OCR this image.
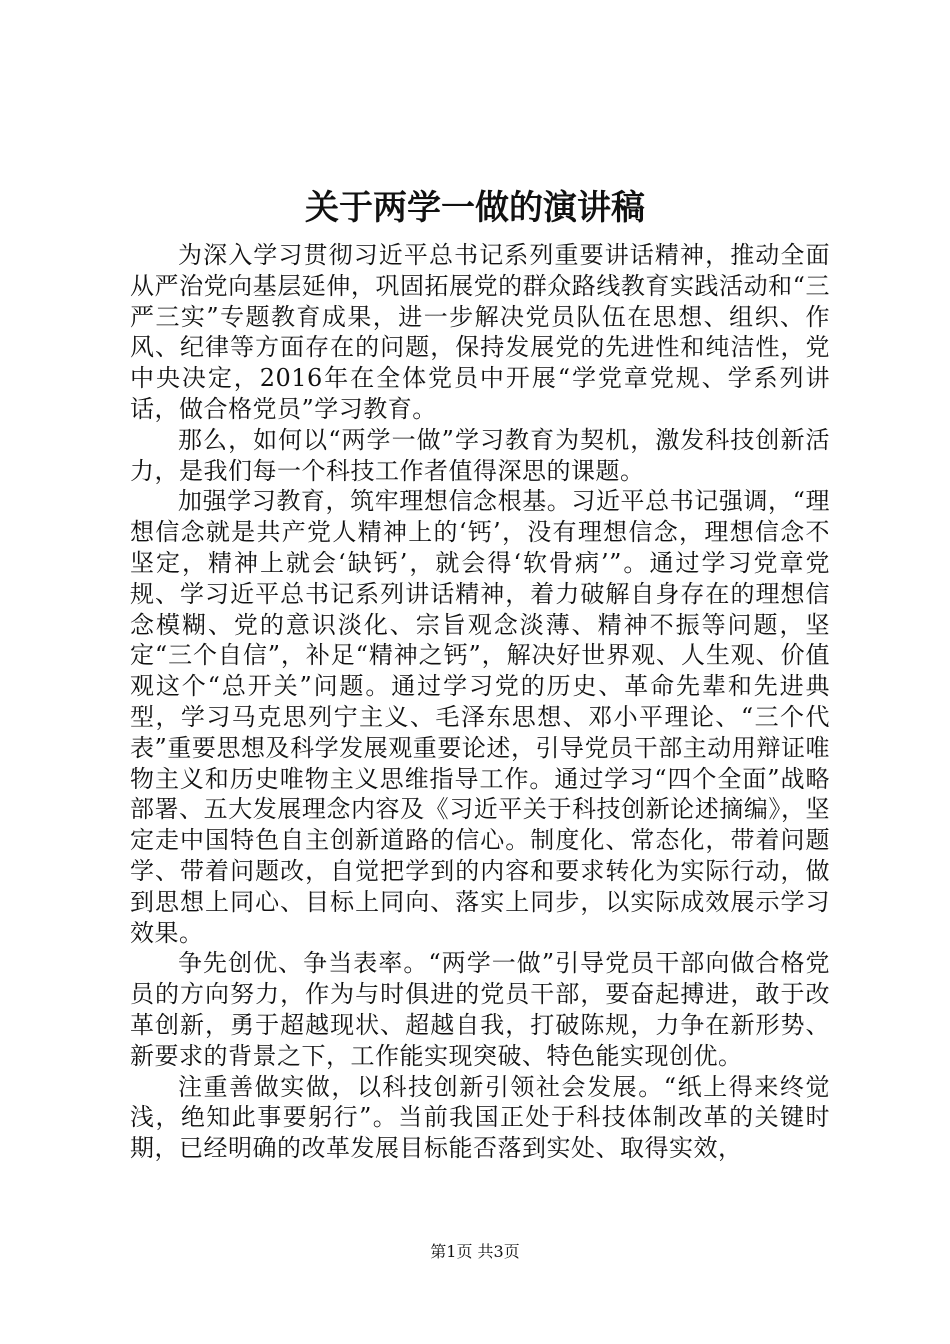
关于两学一做的演讲稿

为深入学习贯彻习近平总书记系列重要讲话精神，推动全面从严治党向基层延伸，巩固拓展党的群众路线教育实践活动和“三严三实”专题教育成果，进一步解决党员队伍在思想、组织、作风、纪律等方面存在的问题，保持发展党的先进性和纯洁性，党中央决定，2016年在全体党员中开展“学党章党规、学系列讲话，做合格党员”学习教育。

那么，如何以“两学一做”学习教育为契机，激发科技创新活力，是我们每一个科技工作者值得深思的课题。

加强学习教育，筑牢理想信念根基。习近平总书记强调，“理想信念就是共产党人精神上的‘钙’，没有理想信念，理想信念不坚定，精神上就会‘缺钙’，就会得‘软骨病’”。通过学习党章党规、学习近平总书记系列讲话精神，着力破解自身存在的理想信念模糊、党的意识淡化、宗旨观念淡薄、精神不振等问题，坚定“三个自信”，补足“精神之钙”，解决好世界观、人生观、价值观这个“总开关”问题。通过学习党的历史、革命先辈和先进典型，学习马克思列宁主义、毛泽东思想、邓小平理论、“三个代表”重要思想及科学发展观重要论述，引导党员干部主动用辩证唯物主义和历史唯物主义思维指导工作。通过学习“四个全面”战略部署、五大发展理念内容及《习近平关于科技创新论述摘编》，坚定走中国特色自主创新道路的信心。制度化、常态化，带着问题学、带着问题改，自觉把学到的内容和要求转化为实际行动，做到思想上同心、目标上同向、落实上同步，以实际成效展示学习效果。

争先创优、争当表率。“两学一做”引导党员干部向做合格党员的方向努力，作为与时俱进的党员干部，要奋起搏进，敢于改革创新，勇于超越现状、超越自我，打破陈规，力争在新形势、新要求的背景之下，工作能实现突破、特色能实现创优。

注重善做实做，以科技创新引领社会发展。“纸上得来终觉浅，绝知此事要躬行”。当前我国正处于科技体制改革的关键时期，已经明确的改革发展目标能否落到实处、取得实效，

第1页 共3页
